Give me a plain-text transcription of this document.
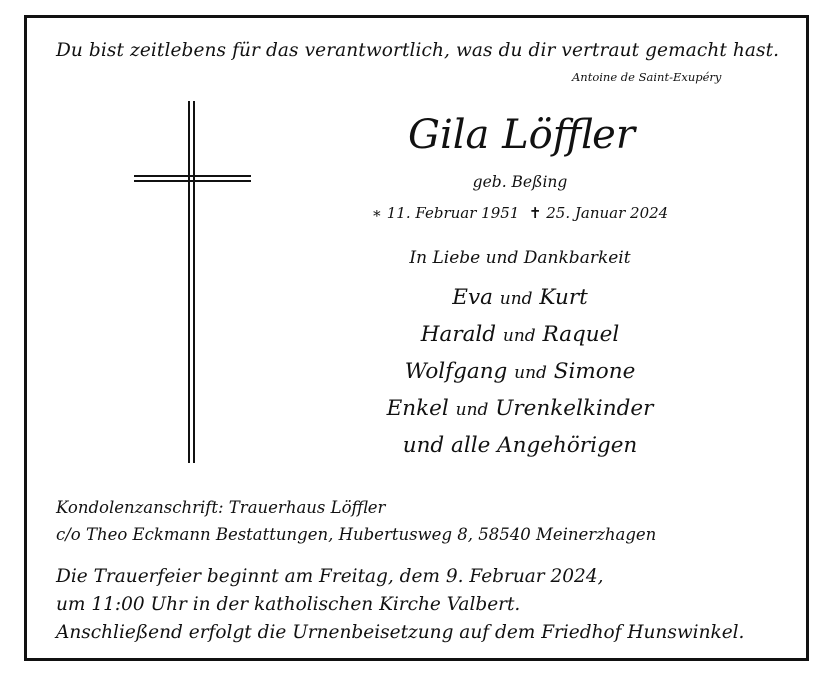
Du bist zeitlebens für das verantwortlich, was du dir vertraut gemacht hast.
Antoine de Saint-Exupéry
Gila Löffler
geb. Beßing
∗ 11. Februar 1951 ✝ 25. Januar 2024
In Liebe und Dankbarkeit
Eva und Kurt
Harald und Raquel
Wolfgang und Simone
Enkel und Urenkelkinder
und alle Angehörigen
Kondolenzanschrift: Trauerhaus Löffler
c/o Theo Eckmann Bestattungen, Hubertusweg 8, 58540 Meinerzhagen
Die Trauerfeier beginnt am Freitag, dem 9. Februar 2024,
um 11:00 Uhr in der katholischen Kirche Valbert.
Anschließend erfolgt die Urnenbeisetzung auf dem Friedhof Hunswinkel.
